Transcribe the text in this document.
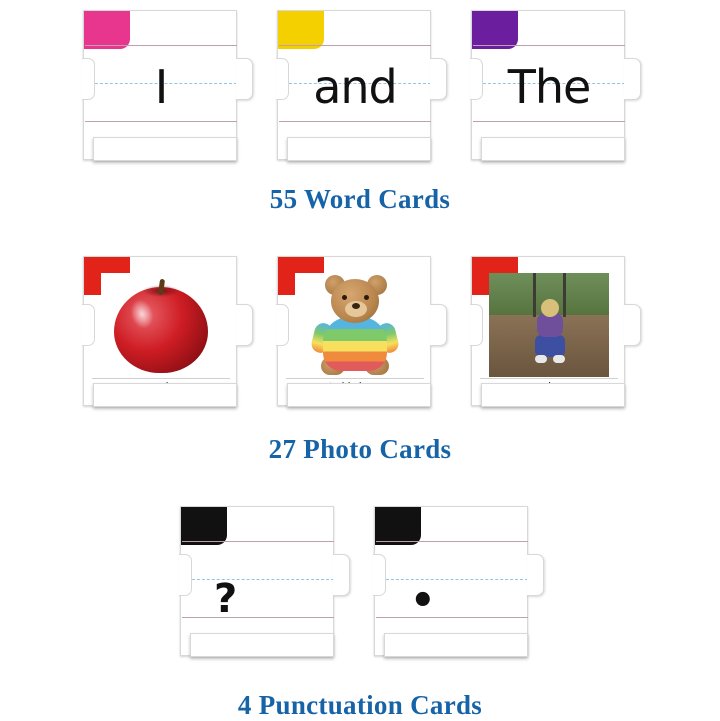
I	and	The
55 Word Cards
27 Photo Cards
?	•
4 Punctuation Cards
